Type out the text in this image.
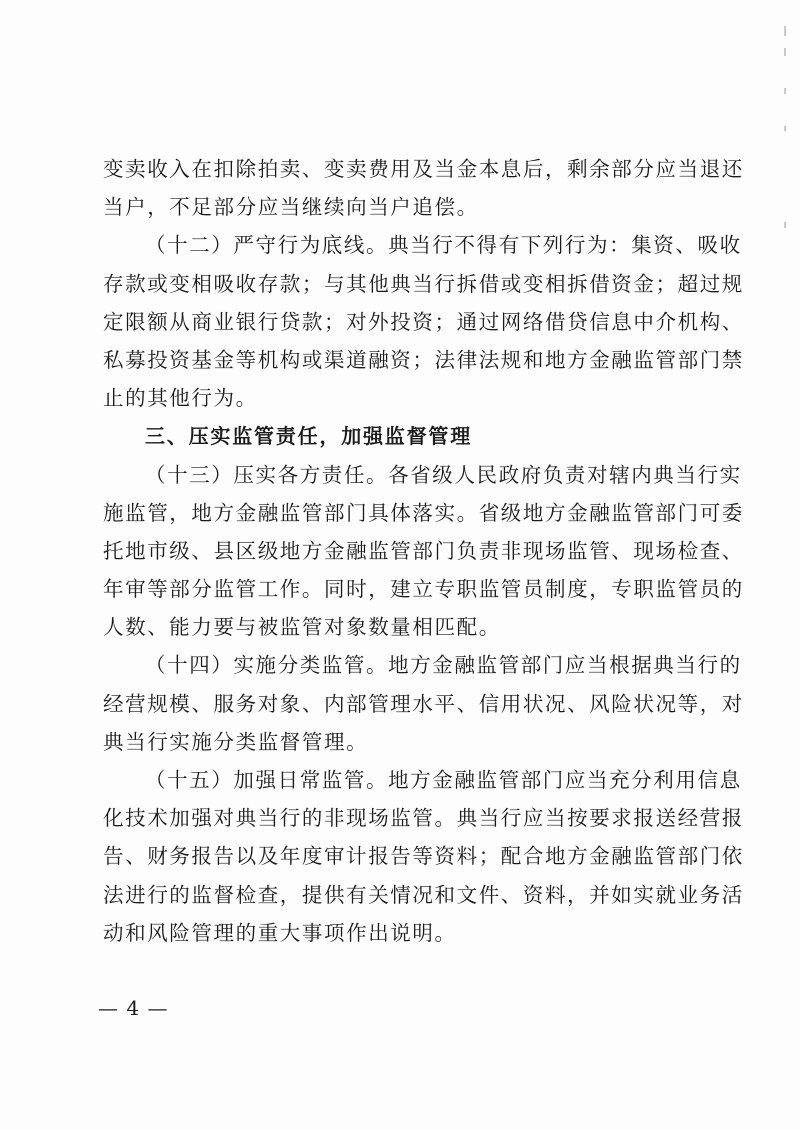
变卖收入在扣除拍卖、变卖费用及当金本息后，剩余部分应当退还
当户，不足部分应当继续向当户追偿。
（十二）严守行为底线。典当行不得有下列行为：集资、吸收
存款或变相吸收存款；与其他典当行拆借或变相拆借资金；超过规
定限额从商业银行贷款；对外投资；通过网络借贷信息中介机构、
私募投资基金等机构或渠道融资；法律法规和地方金融监管部门禁
止的其他行为。
三、压实监管责任，加强监督管理
（十三）压实各方责任。各省级人民政府负责对辖内典当行实
施监管，地方金融监管部门具体落实。省级地方金融监管部门可委
托地市级、县区级地方金融监管部门负责非现场监管、现场检查、
年审等部分监管工作。同时，建立专职监管员制度，专职监管员的
人数、能力要与被监管对象数量相匹配。
（十四）实施分类监管。地方金融监管部门应当根据典当行的
经营规模、服务对象、内部管理水平、信用状况、风险状况等，对
典当行实施分类监督管理。
（十五）加强日常监管。地方金融监管部门应当充分利用信息
化技术加强对典当行的非现场监管。典当行应当按要求报送经营报
告、财务报告以及年度审计报告等资料；配合地方金融监管部门依
法进行的监督检查，提供有关情况和文件、资料，并如实就业务活
动和风险管理的重大事项作出说明。
— 4 —
